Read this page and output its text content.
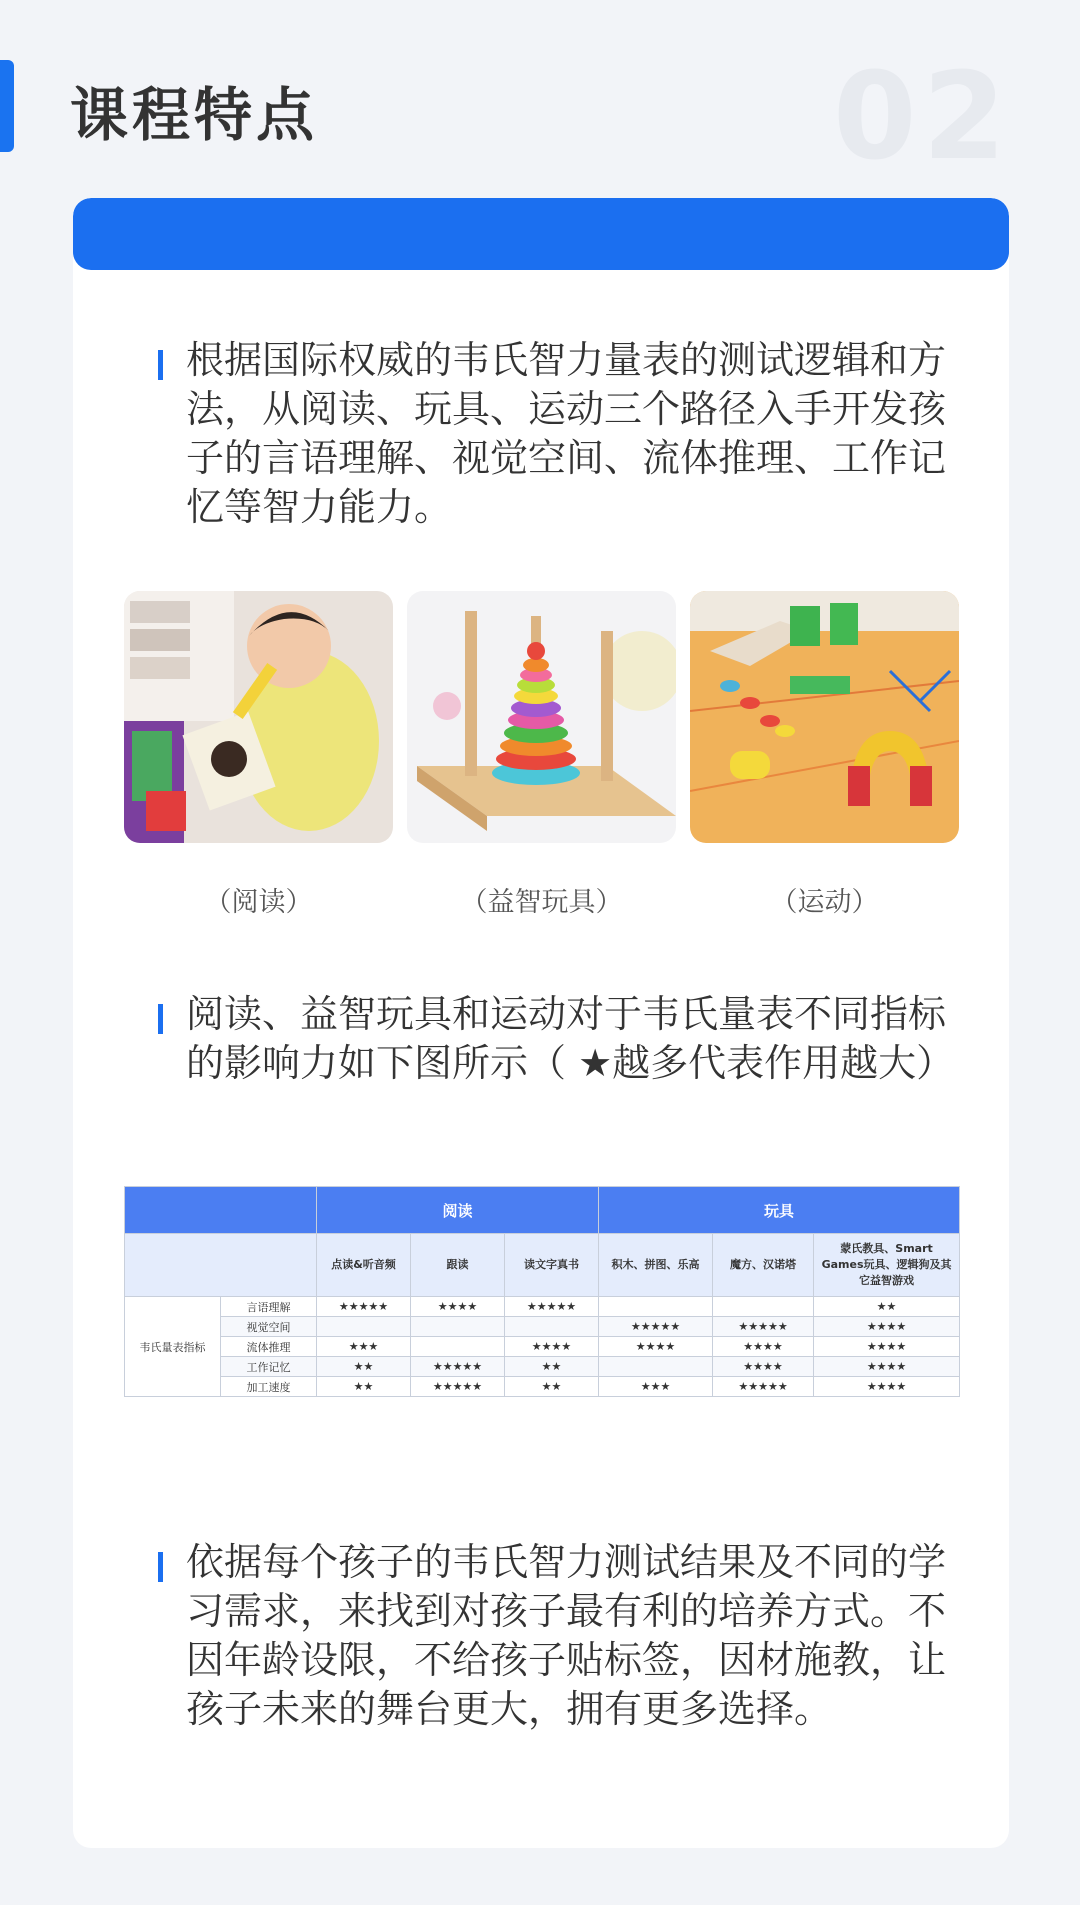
课程特点	02
根据国际权威的韦氏智力量表的测试逻辑和方法，从阅读、玩具、运动三个路径入手开发孩子的言语理解、视觉空间、流体推理、工作记忆等智力能力。
（阅读）	（益智玩具）	（运动）
阅读、益智玩具和运动对于韦氏量表不同指标的影响力如下图所示（ ★越多代表作用越大）
		阅读			玩具		
		点读&听音频	跟读	读文字真书	积木、拼图、乐高	魔方、汉诺塔	蒙氏教具、Smart Games玩具、逻辑狗及其它益智游戏
韦氏量表指标	言语理解	★★★★★	★★★★	★★★★★			★★
	视觉空间				★★★★★	★★★★★	★★★★
	流体推理	★★★		★★★★	★★★★	★★★★	★★★★
	工作记忆	★★	★★★★★	★★		★★★★	★★★★
	加工速度	★★	★★★★★	★★	★★★	★★★★★	★★★★
依据每个孩子的韦氏智力测试结果及不同的学习需求，来找到对孩子最有利的培养方式。不因年龄设限，不给孩子贴标签，因材施教，让孩子未来的舞台更大，拥有更多选择。
